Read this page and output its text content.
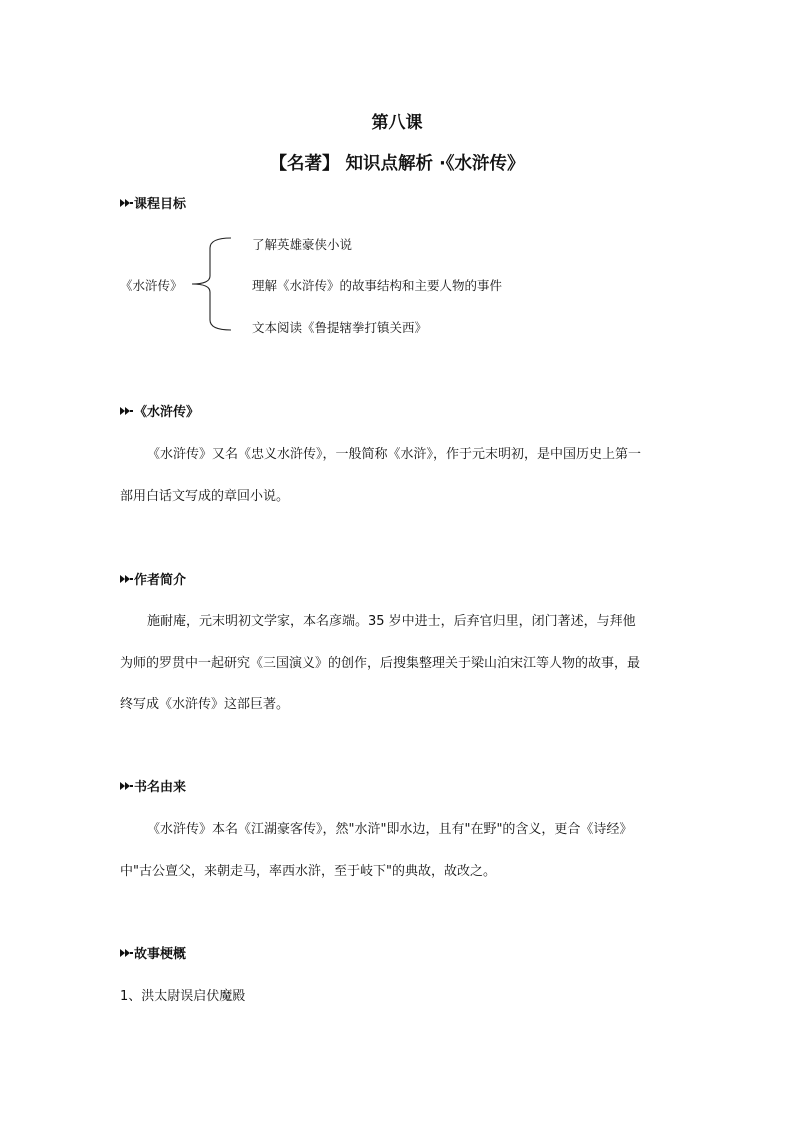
第八课
【名著】 知识点解析 ·《水浒传》
课程目标
《水浒传》
了解英雄豪侠小说
理解《水浒传》的故事结构和主要人物的事件
文本阅读《鲁提辖拳打镇关西》
《水浒传》
《水浒传》又名《忠义水浒传》，一般简称《水浒》，作于元末明初，是中国历史上第一
部用白话文写成的章回小说。
作者简介
施耐庵，元末明初文学家，本名彦端。35 岁中进士，后弃官归里，闭门著述，与拜他
为师的罗贯中一起研究《三国演义》的创作，后搜集整理关于梁山泊宋江等人物的故事，最
终写成《水浒传》这部巨著。
书名由来
《水浒传》本名《江湖豪客传》，然"水浒"即水边，且有"在野"的含义，更合《诗经》
中"古公亶父，来朝走马，率西水浒，至于岐下"的典故，故改之。
故事梗概
1、洪太尉误启伏魔殿
